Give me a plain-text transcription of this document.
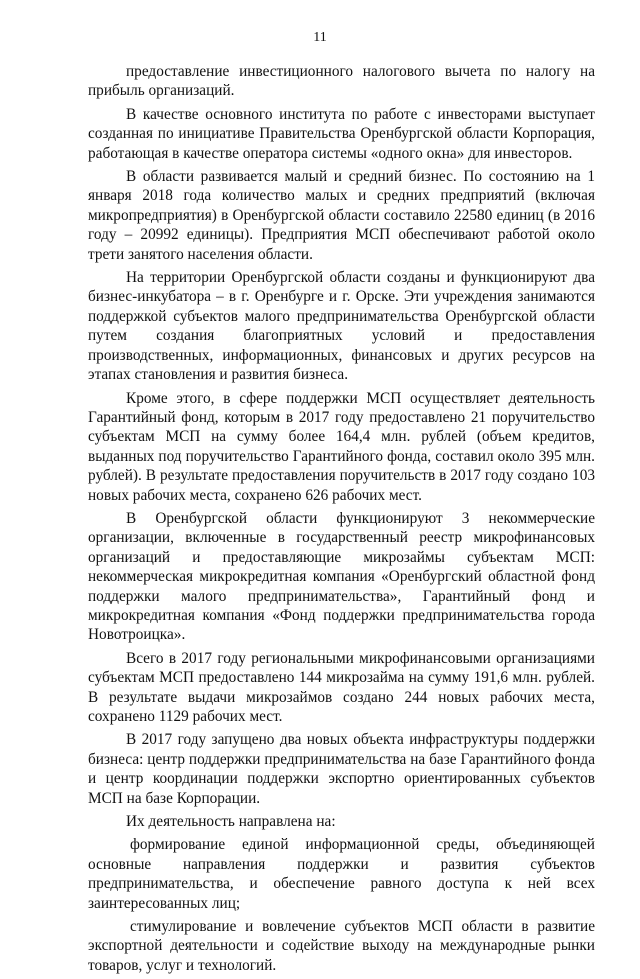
11

предоставление инвестиционного налогового вычета по налогу на прибыль организаций.

В качестве основного института по работе с инвесторами выступает созданная по инициативе Правительства Оренбургской области Корпорация, работающая в качестве оператора системы «одного окна» для инвесторов.

В области развивается малый и средний бизнес. По состоянию на 1 января 2018 года количество малых и средних предприятий (включая микропредприятия) в Оренбургской области составило 22580 единиц (в 2016 году – 20992 единицы). Предприятия МСП обеспечивают работой около трети занятого населения области.

На территории Оренбургской области созданы и функционируют два бизнес-инкубатора – в г. Оренбурге и г. Орске. Эти учреждения занимаются поддержкой субъектов малого предпринимательства Оренбургской области путем создания благоприятных условий и предоставления производственных, информационных, финансовых и других ресурсов на этапах становления и развития бизнеса.

Кроме этого, в сфере поддержки МСП осуществляет деятельность Гарантийный фонд, которым в 2017 году предоставлено 21 поручительство субъектам МСП на сумму более 164,4 млн. рублей (объем кредитов, выданных под поручительство Гарантийного фонда, составил около 395 млн. рублей). В результате предоставления поручительств в 2017 году создано 103 новых рабочих места, сохранено 626 рабочих мест.

В Оренбургской области функционируют 3 некоммерческие организации, включенные в государственный реестр микрофинансовых организаций и предоставляющие микрозаймы субъектам МСП: некоммерческая микрокредитная компания «Оренбургский областной фонд поддержки малого предпринимательства», Гарантийный фонд и микрокредитная компания «Фонд поддержки предпринимательства города Новотроицка».

Всего в 2017 году региональными микрофинансовыми организациями субъектам МСП предоставлено 144 микрозайма на сумму 191,6 млн. рублей. В результате выдачи микрозаймов создано 244 новых рабочих места, сохранено 1129 рабочих мест.

В 2017 году запущено два новых объекта инфраструктуры поддержки бизнеса: центр поддержки предпринимательства на базе Гарантийного фонда и центр координации поддержки экспортно ориентированных субъектов МСП на базе Корпорации.

Их деятельность направлена на:

формирование единой информационной среды, объединяющей основные направления поддержки и развития субъектов предпринимательства, и обеспечение равного доступа к ней всех заинтересованных лиц;

стимулирование и вовлечение субъектов МСП области в развитие экспортной деятельности и содействие выходу на международные рынки товаров, услуг и технологий.
